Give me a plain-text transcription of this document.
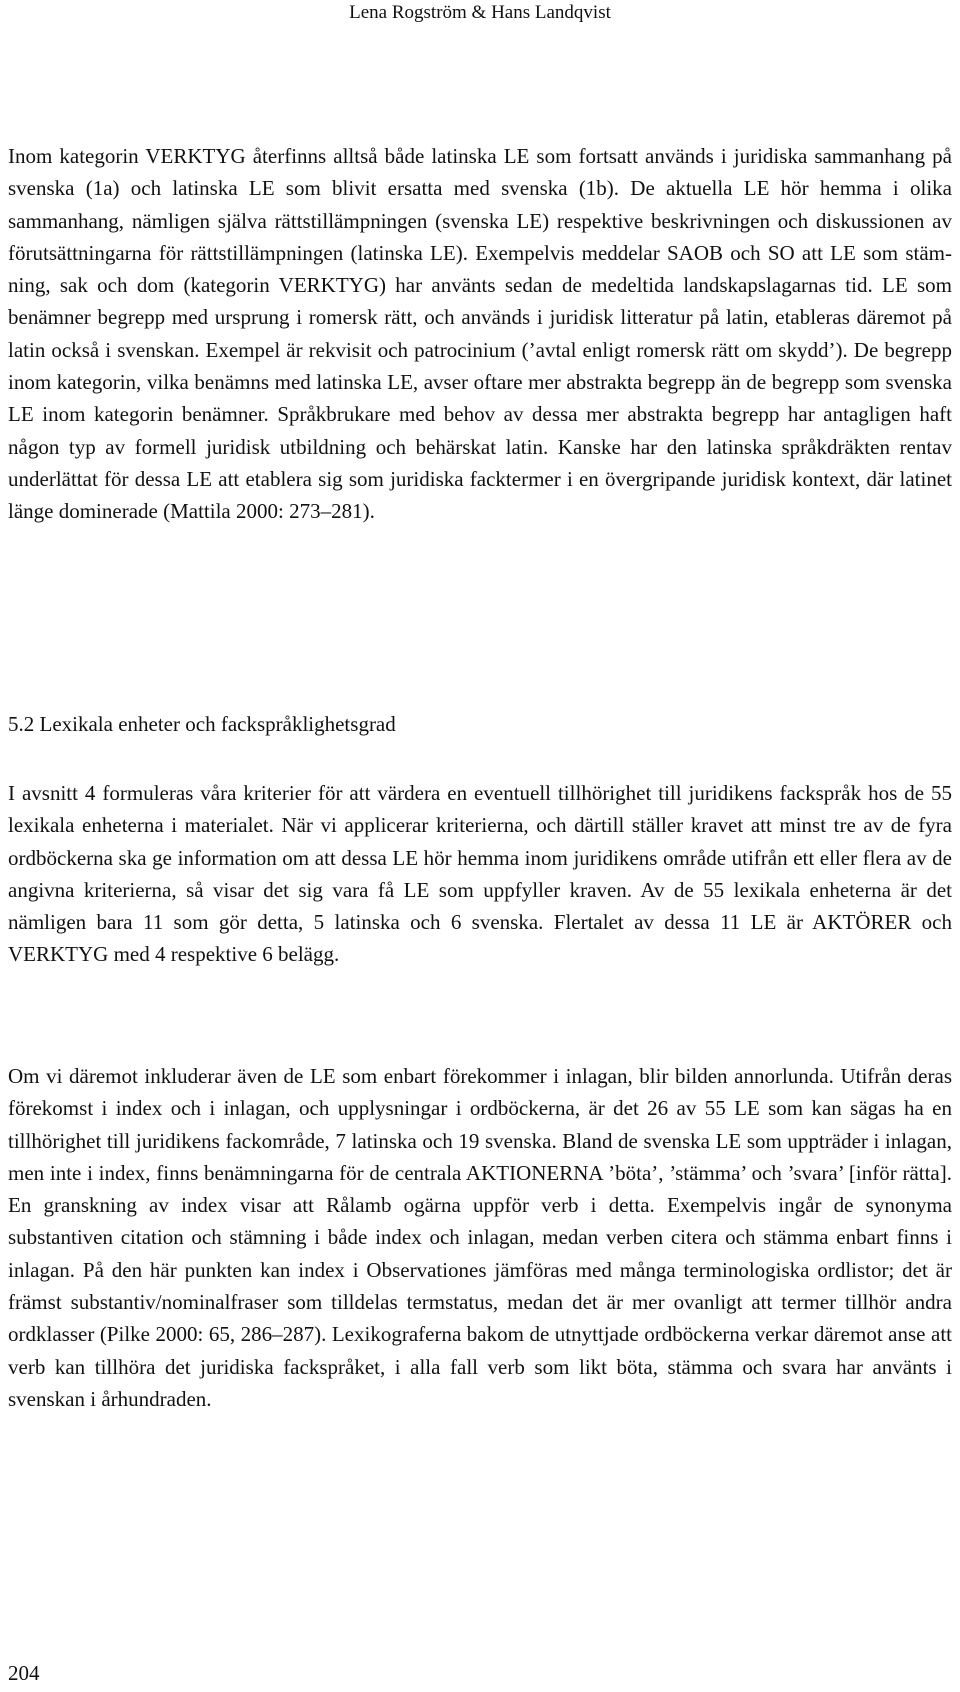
Lena Rogström & Hans Landqvist

Inom kategorin VERKTYG återfinns alltså både latinska LE som fortsatt används i juridiska sammanhang på svenska (1a) och latinska LE som blivit ersatta med svenska (1b). De aktuella LE hör hemma i olika sammanhang, nämligen själva rättstillämpningen (svenska LE) respektive beskrivningen och diskussionen av förutsättningarna för rättstillämpningen (latinska LE). Exempelvis meddelar SAOB och SO att LE som stämning, sak och dom (kategorin VERKTYG) har använts sedan de medeltida landskapslagarnas tid. LE som benämner begrepp med ursprung i romersk rätt, och används i juridisk litteratur på latin, etableras däremot på latin också i svenskan. Exempel är rekvisit och patrocinium (’avtal enligt romersk rätt om skydd’). De begrepp inom kategorin, vilka benämns med latinska LE, avser oftare mer abstrakta begrepp än de begrepp som svenska LE inom kategorin benämner. Språkbrukare med behov av dessa mer abstrakta begrepp har antagligen haft någon typ av formell juridisk utbildning och behärskat latin. Kanske har den latinska språkdräkten rentav underlättat för dessa LE att etablera sig som juridiska facktermer i en övergripande juridisk kontext, där latinet länge dominerade (Mattila 2000: 273–281).

5.2 Lexikala enheter och fackspråklighetsgrad

I avsnitt 4 formuleras våra kriterier för att värdera en eventuell tillhörighet till juridikens fackspråk hos de 55 lexikala enheterna i materialet. När vi applicerar kriterierna, och därtill ställer kravet att minst tre av de fyra ordböckerna ska ge information om att dessa LE hör hemma inom juridikens område utifrån ett eller flera av de angivna kriterierna, så visar det sig vara få LE som uppfyller kraven. Av de 55 lexikala enheterna är det nämligen bara 11 som gör detta, 5 latinska och 6 svenska. Flertalet av dessa 11 LE är AKTÖRER och VERKTYG med 4 respektive 6 belägg.

Om vi däremot inkluderar även de LE som enbart förekommer i inlagan, blir bilden annorlunda. Utifrån deras förekomst i index och i inlagan, och upplysningar i ordböckerna, är det 26 av 55 LE som kan sägas ha en tillhörighet till juridikens fackområde, 7 latinska och 19 svenska. Bland de svenska LE som uppträder i inlagan, men inte i index, finns benämningarna för de centrala AKTIONERNA ’böta’, ’stämma’ och ’svara’ [inför rätta]. En granskning av index visar att Rålamb ogärna uppför verb i detta. Exempelvis ingår de synonyma substantiven citation och stämning i både index och inlagan, medan verben citera och stämma enbart finns i inlagan. På den här punkten kan index i Observationes jämföras med många terminologiska ordlistor; det är främst substantiv/nominalfraser som tilldelas termstatus, medan det är mer ovanligt att termer tillhör andra ordklasser (Pilke 2000: 65, 286–287). Lexikograferna bakom de utnyttjade ordböckerna verkar däremot anse att verb kan tillhöra det juridiska fackspråket, i alla fall verb som likt böta, stämma och svara har använts i svenskan i århundraden.

204
